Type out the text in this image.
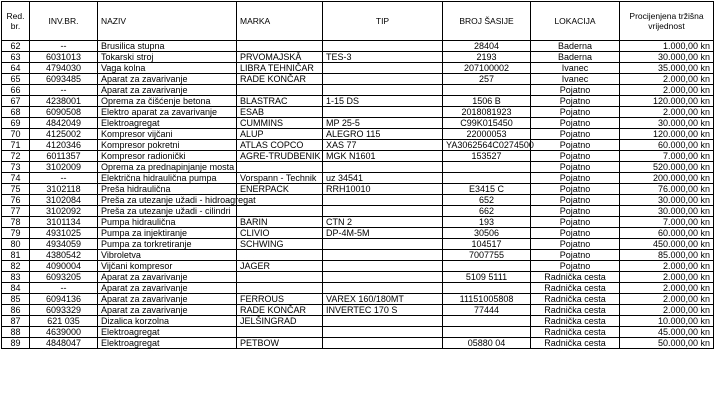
Red. br.	INV.BR.	NAZIV	MARKA	TIP	BROJ ŠASIJE	LOKACIJA	Procijenjena tržišna vrijednost
62	--	Brusilica stupna			28404	Baderna	1.000,00 kn
63	6031013	Tokarski stroj	PRVOMAJSKĀ	TES-3	2193	Baderna	30.000,00 kn
64	4794030	Vaga kolna	LIBRA TEHNIČAR		207100002	Ivanec	35.000,00 kn
65	6093485	Aparat za zavarivanje	RADE KONČAR		257	Ivanec	2.000,00 kn
66	--	Aparat za zavarivanje				Pojatno	2.000,00 kn
67	4238001	Oprema za čišćenje betona	BLASTRAC	1-15 DS	1506 B	Pojatno	120.000,00 kn
68	6090508	Elektro aparat za zavarivanje	ESAB		2018081923	Pojatno	2.000,00 kn
69	4842049	Elektroagregat	CUMMINS	MP 25-5	C99K015450	Pojatno	30.000,00 kn
70	4125002	Kompresor vijčani	ALUP	ALEGRO 115	22000053	Pojatno	120.000,00 kn
71	4120346	Kompresor pokretni	ATLAS COPCO	XAS 77	YA3062564C0274500	Pojatno	60.000,00 kn
72	6011357	Kompresor radionički	AGRE-TRUDBENIK	MGK N1601	153527	Pojatno	7.000,00 kn
73	3102009	Oprema za prednapinjanje mosta				Pojatno	520.000,00 kn
74	--	Električna hidraulična pumpa	Vorspann - Technik	uz 34541		Pojatno	200.000,00 kn
75	3102118	Preša hidraulična	ENERPACK	RRH10010	E3415 C	Pojatno	76.000,00 kn
76	3102084	Preša za utezanje užadi - hidroagregat			652	Pojatno	30.000,00 kn
77	3102092	Preša za utezanje užadi - cilindri			662	Pojatno	30.000,00 kn
78	3101134	Pumpa hidraulična	BARIN	CTN 2	193	Pojatno	7.000,00 kn
79	4931025	Pumpa za injektiranje	CLIVIO	DP-4M-5M	30506	Pojatno	60.000,00 kn
80	4934059	Pumpa za torkretiranje	SCHWING		104517	Pojatno	450.000,00 kn
81	4380542	Vibroletva			7007755	Pojatno	85.000,00 kn
82	4090004	Vijčani kompresor	JAGER			Pojatno	2.000,00 kn
83	6093205	Aparat za zavarivanje			5109 5111	Radnička cesta	2.000,00 kn
84	--	Aparat za zavarivanje				Radnička cesta	2.000,00 kn
85	6094136	Aparat za zavarivanje	FERROUS	VAREX 160/180MT	11151005808	Radnička cesta	2.000,00 kn
86	6093329	Aparat za zavarivanje	RADE KONČAR	INVERTEC 170 S	77444	Radnička cesta	2.000,00 kn
87	621 035	Dizalica korzolna	JELŠINGRAD			Radnička cesta	10.000,00 kn
88	4639000	Elektroagregat				Radnička cesta	45.000,00 kn
89	4848047	Elektroagregat	PETBOW		05880 04	Radnička cesta	50.000,00 kn
